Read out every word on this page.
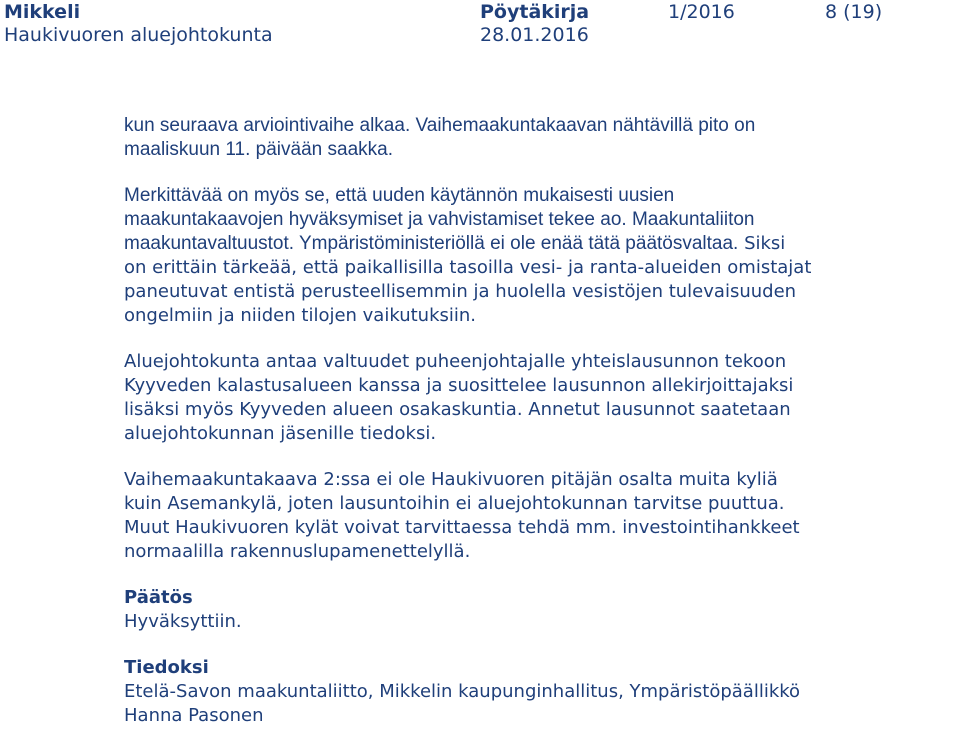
Mikkeli
Haukivuoren aluejohtokunta
Pöytäkirja
28.01.2016
1/2016	8 (19)

kun seuraava arviointivaihe alkaa. Vaihemaakuntakaavan nähtävillä pito on
maaliskuun 11. päivään saakka.

Merkittävää on myös se, että uuden käytännön mukaisesti uusien
maakuntakaavojen hyväksymiset ja vahvistamiset tekee ao. Maakuntaliiton
maakuntavaltuustot. Ympäristöministeriöllä ei ole enää tätä päätösvaltaa. Siksi
on erittäin tärkeää, että paikallisilla tasoilla vesi- ja ranta-alueiden omistajat
paneutuvat entistä perusteellisemmin ja huolella vesistöjen tulevaisuuden
ongelmiin ja niiden tilojen vaikutuksiin.

Aluejohtokunta antaa valtuudet puheenjohtajalle yhteislausunnon tekoon
Kyyveden kalastusalueen kanssa ja suosittelee lausunnon allekirjoittajaksi
lisäksi myös Kyyveden alueen osakaskuntia. Annetut lausunnot saatetaan
aluejohtokunnan jäsenille tiedoksi.

Vaihemaakuntakaava 2:ssa ei ole Haukivuoren pitäjän osalta muita kyliä
kuin Asemankylä, joten lausuntoihin ei aluejohtokunnan tarvitse puuttua.
Muut Haukivuoren kylät voivat tarvittaessa tehdä mm. investointihankkeet
normaalilla rakennuslupamenettelyllä.

Päätös

Hyväksyttiin.

Tiedoksi

Etelä-Savon maakuntaliitto, Mikkelin kaupunginhallitus, Ympäristöpäällikkö
Hanna Pasonen
